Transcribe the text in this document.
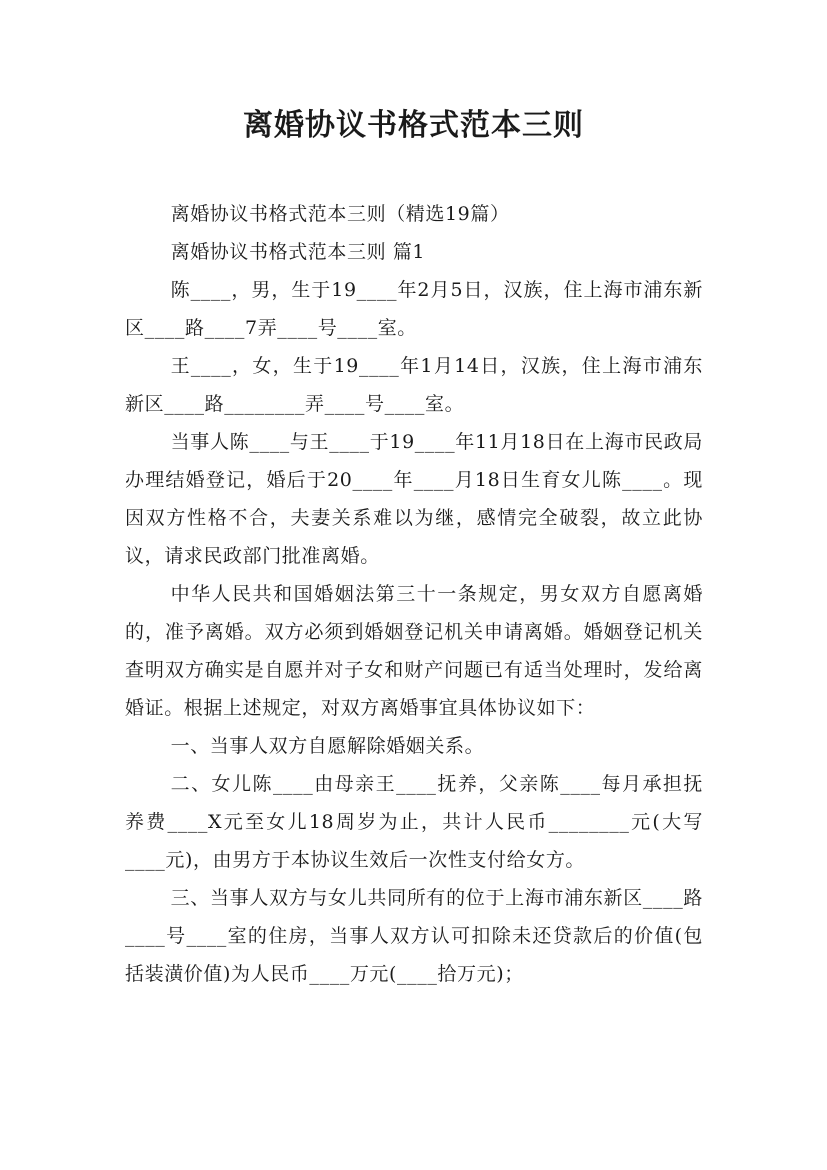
离婚协议书格式范本三则

离婚协议书格式范本三则（精选19篇）

离婚协议书格式范本三则 篇1

陈____，男，生于19____年2月5日，汉族，住上海市浦东新区____路____7弄____号____室。

王____，女，生于19____年1月14日，汉族，住上海市浦东新区____路________弄____号____室。

当事人陈____与王____于19____年11月18日在上海市民政局办理结婚登记，婚后于20____年____月18日生育女儿陈____。现因双方性格不合，夫妻关系难以为继，感情完全破裂，故立此协议，请求民政部门批准离婚。

中华人民共和国婚姻法第三十一条规定，男女双方自愿离婚的，准予离婚。双方必须到婚姻登记机关申请离婚。婚姻登记机关查明双方确实是自愿并对子女和财产问题已有适当处理时，发给离婚证。根据上述规定，对双方离婚事宜具体协议如下：

一、当事人双方自愿解除婚姻关系。

二、女儿陈____由母亲王____抚养，父亲陈____每月承担抚养费____X元至女儿18周岁为止，共计人民币________元(大写____元)，由男方于本协议生效后一次性支付给女方。

三、当事人双方与女儿共同所有的位于上海市浦东新区____路____号____室的住房，当事人双方认可扣除未还贷款后的价值(包括装潢价值)为人民币____万元(____拾万元)；
